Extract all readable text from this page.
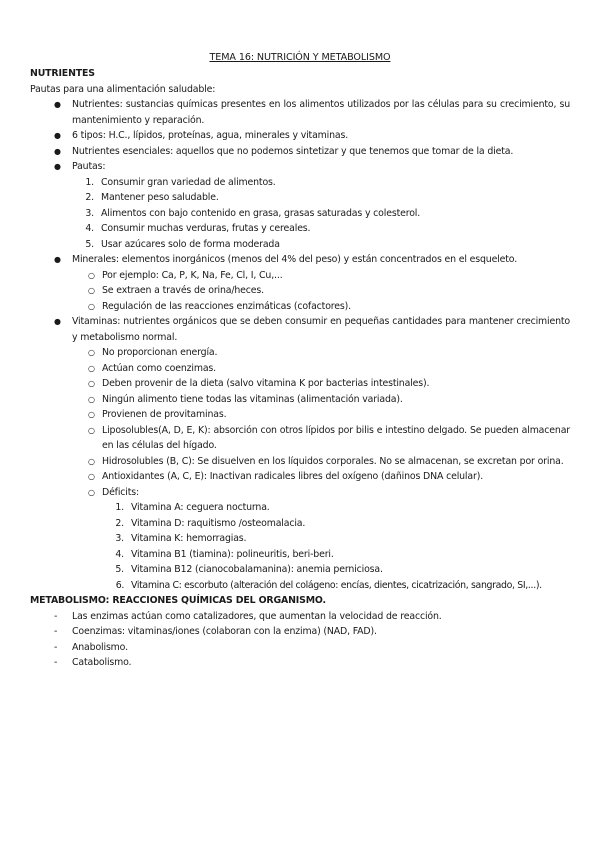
TEMA 16: NUTRICIÓN Y METABOLISMO
NUTRIENTES
Pautas para una alimentación saludable:
● Nutrientes: sustancias químicas presentes en los alimentos utilizados por las células para su crecimiento, su mantenimiento y reparación.
● 6 tipos: H.C., lípidos, proteínas, agua, minerales y vitaminas.
● Nutrientes esenciales: aquellos que no podemos sintetizar y que tenemos que tomar de la dieta.
● Pautas:
1. Consumir gran variedad de alimentos.
2. Mantener peso saludable.
3. Alimentos con bajo contenido en grasa, grasas saturadas y colesterol.
4. Consumir muchas verduras, frutas y cereales.
5. Usar azúcares solo de forma moderada
● Minerales: elementos inorgánicos (menos del 4% del peso) y están concentrados en el esqueleto.
○ Por ejemplo: Ca, P, K, Na, Fe, Cl, I, Cu,...
○ Se extraen a través de orina/heces.
○ Regulación de las reacciones enzimáticas (cofactores).
● Vitaminas: nutrientes orgánicos que se deben consumir en pequeñas cantidades para mantener crecimiento y metabolismo normal.
○ No proporcionan energía.
○ Actúan como coenzimas.
○ Deben provenir de la dieta (salvo vitamina K por bacterias intestinales).
○ Ningún alimento tiene todas las vitaminas (alimentación variada).
○ Provienen de provitaminas.
○ Liposolubles(A, D, E, K): absorción con otros lípidos por bilis e intestino delgado. Se pueden almacenar en las células del hígado.
○ Hidrosolubles (B, C): Se disuelven en los líquidos corporales. No se almacenan, se excretan por orina.
○ Antioxidantes (A, C, E): Inactivan radicales libres del oxígeno (dañinos DNA celular).
○ Déficits:
1. Vitamina A: ceguera nocturna.
2. Vitamina D: raquitismo /osteomalacia.
3. Vitamina K: hemorragias.
4. Vitamina B1 (tiamina): polineuritis, beri-beri.
5. Vitamina B12 (cianocobalamanina): anemia perniciosa.
6. Vitamina C: escorbuto (alteración del colágeno: encías, dientes, cicatrización, sangrado, SI,...).
METABOLISMO: REACCIONES QUÍMICAS DEL ORGANISMO.
- Las enzimas actúan como catalizadores, que aumentan la velocidad de reacción.
- Coenzimas: vitaminas/iones (colaboran con la enzima) (NAD, FAD).
- Anabolismo.
- Catabolismo.
